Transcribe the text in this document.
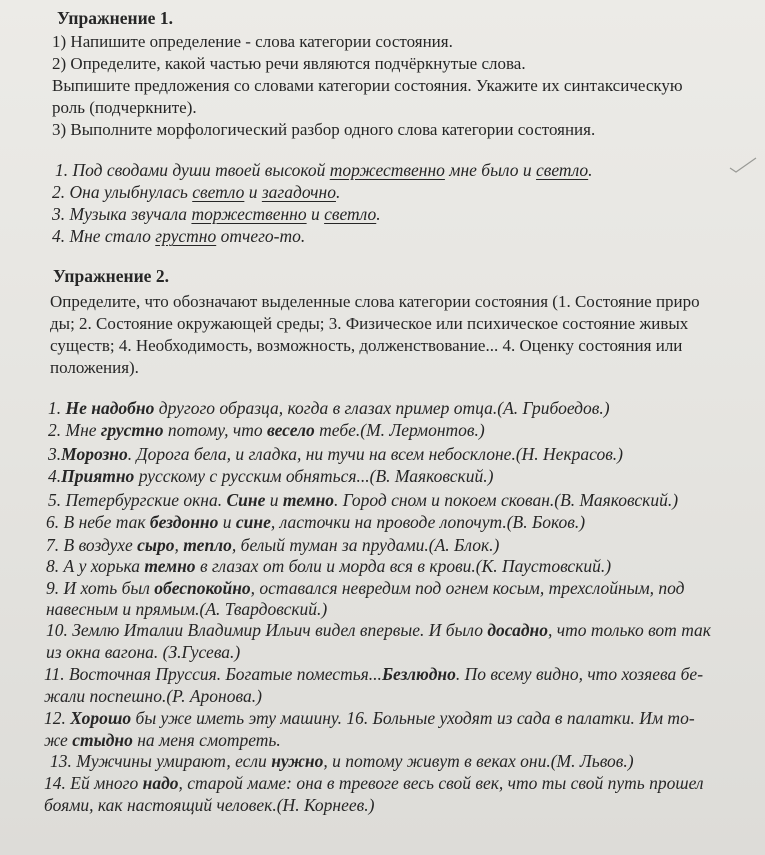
Упражнение 1.
1) Напишите определение - слова категории состояния.
2) Определите, какой частью речи являются подчёркнутые слова.
Выпишите предложения со словами категории состояния. Укажите их синтаксическую
роль (подчеркните).
3) Выполните морфологический разбор одного слова категории состояния.
1. Под сводами души твоей высокой торжественно мне было и светло.
2. Она улыбнулась светло и загадочно.
3. Музыка звучала торжественно и светло.
4. Мне стало грустно отчего-то.
Упражнение 2.
Определите, что обозначают выделенные слова категории состояния (1. Состояние приро
ды; 2. Состояние окружающей среды; 3. Физическое или психическое состояние живых
существ; 4. Необходимость, возможность, долженствование... 4. Оценку состояния или
положения).
1. Не надобно другого образца, когда в глазах пример отца.(А. Грибоедов.)
2. Мне грустно потому, что весело тебе.(М. Лермонтов.)
3.Морозно. Дорога бела, и гладка, ни тучи на всем небосклоне.(Н. Некрасов.)
4.Приятно русскому с русским обняться...(В. Маяковский.)
5. Петербургские окна. Сине и темно. Город сном и покоем скован.(В. Маяковский.)
6. В небе так бездонно и сине, ласточки на проводе лопочут.(В. Боков.)
7. В воздухе сыро, тепло, белый туман за прудами.(А. Блок.)
8. А у хорька темно в глазах от боли и морда вся в крови.(К. Паустовский.)
9. И хоть был обеспокойно, оставался невредим под огнем косым, трехслойным, под
навесным и прямым.(А. Твардовский.)
10. Землю Италии Владимир Ильич видел впервые. И было досадно, что только вот так
из окна вагона. (З.Гусева.)
11. Восточная Пруссия. Богатые поместья...Безлюдно. По всему видно, что хозяева бе-
жали поспешно.(Р. Аронова.)
12. Хорошо бы уже иметь эту машину. 16. Больные уходят из сада в палатки. Им то-
же стыдно на меня смотреть.
13. Мужчины умирают, если нужно, и потому живут в веках они.(М. Львов.)
14. Ей много надо, старой маме: она в тревоге весь свой век, что ты свой путь прошел
боями, как настоящий человек.(Н. Корнеев.)
